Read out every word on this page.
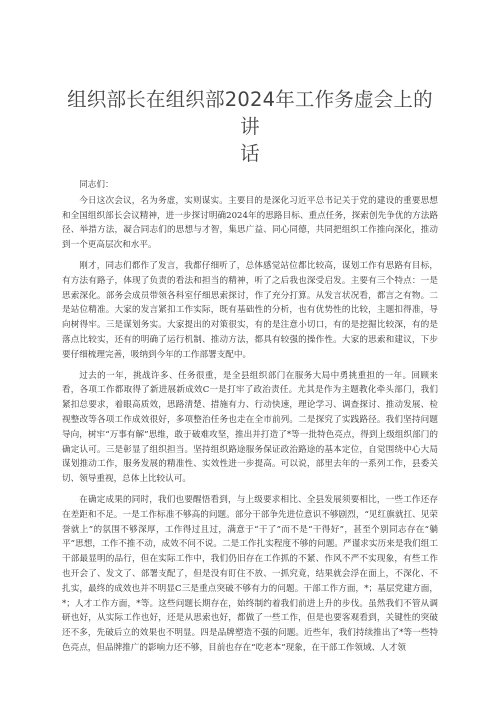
组织部长在组织部2024年工作务虚会上的讲
话

同志们：

今日这次会议，名为务虚，实则谋实。主要目的是深化习近平总书记关于党的建设的重要思想和全国组织部长会议精神，进一步探讨明确2024年的思路目标、重点任务，探索创先争优的方法路径、举措方法，凝合同志们的思想与才智，集思广益、同心同德，共同把组织工作推向深化，推动到一个更高层次和水平。

刚才，同志们都作了发言，我都仔细听了，总体感觉站位都比较高，谋划工作有思路有目标，有方法有路子，体现了负责的看法和担当的精神，听了之后我也深受启发。主要有三个特点：一是思索深化。部务会成员带领各科室仔细思索探讨，作了充分打算。从发言状况看，都言之有物。二是站位精准。大家的发言紧扣工作实际，既有基础性的分析，也有优势性的比较，主题扣得准，导向树得牢。三是谋划务实。大家提出的对策很实，有的是注意小切口，有的是挖掘比较深，有的是落点比较实，还有的明确了运行机制、推动方法，都具有较强的操作性。大家的思索和建议，下步要仔细梳理完善，吸纳到今年的工作部署支配中。

过去的一年，挑战许多、任务很重，是全县组织部门在服务大局中勇挑重担的一年。回顾来看，各项工作都取得了新进展新成效C一是打牢了政治责任。尤其是作为主题教化牵头部门，我们紧扣总要求，着眼高质效，思路清楚、措施有力、行动快速，理论学习、调查探讨、推动发展、检视整改等各项工作成效很好，多项整治任务也走在全市前列。二是探究了实践路径。我们坚持问题导向，树牢“万事有解”思维，敢于破难攻坚，推出并打造了*等一批特色亮点，得到上级组织部门的确定认可。三是彰显了组织担当。坚持组织路途服务保证政治路途的基本定位，自觉围绕中心大局谋划推动工作，服务发展的精准性、实效性进一步提高。可以说，部里去年的一系列工作，县委关切、领导重视，总体上比较认可。

在确定成果的同时，我们也要醒悟看到，与上级要求相比、全县发展须要相比，一些工作还存在差距和不足。一是工作标准不够高的问题。部分干部争先进位意识不够剧烈，“见红旗就扛、见荣誉就上”的氛围不够深厚，工作得过且过，满意于“干了”而不是“干得好”，甚至个别同志存在“躺平”思想，工作不推不动，成效不问不说。二是工作扎实程度不够的问题。严谨求实历来是我们组工干部最显明的品行，但在实际工作中，我们仍旧存在工作抓的不紧、作风不严不实现象，有些工作也开会了、发文了、部署支配了，但是没有盯住不放、一抓究竟，结果就会浮在面上，不深化、不扎实，最终的成效也并不明显C三是重点突破不够有力的问题。干部工作方面，*；基层党建方面，*；人才工作方面，*等。这些问题长期存在，始终制约着我们前进上升的步伐。虽然我们不管从调研也好，从实际工作也好，还是从思索也好，都做了一些工作，但是也要客观看到，关键性的突破还不多，先破后立的效果也不明显。四是品牌塑造不强的问题。近些年，我们持续推出了*等一些特色亮点，但品牌推广的影响力还不够，目前也存在“吃老本”现象，在干部工作领域、人才领
